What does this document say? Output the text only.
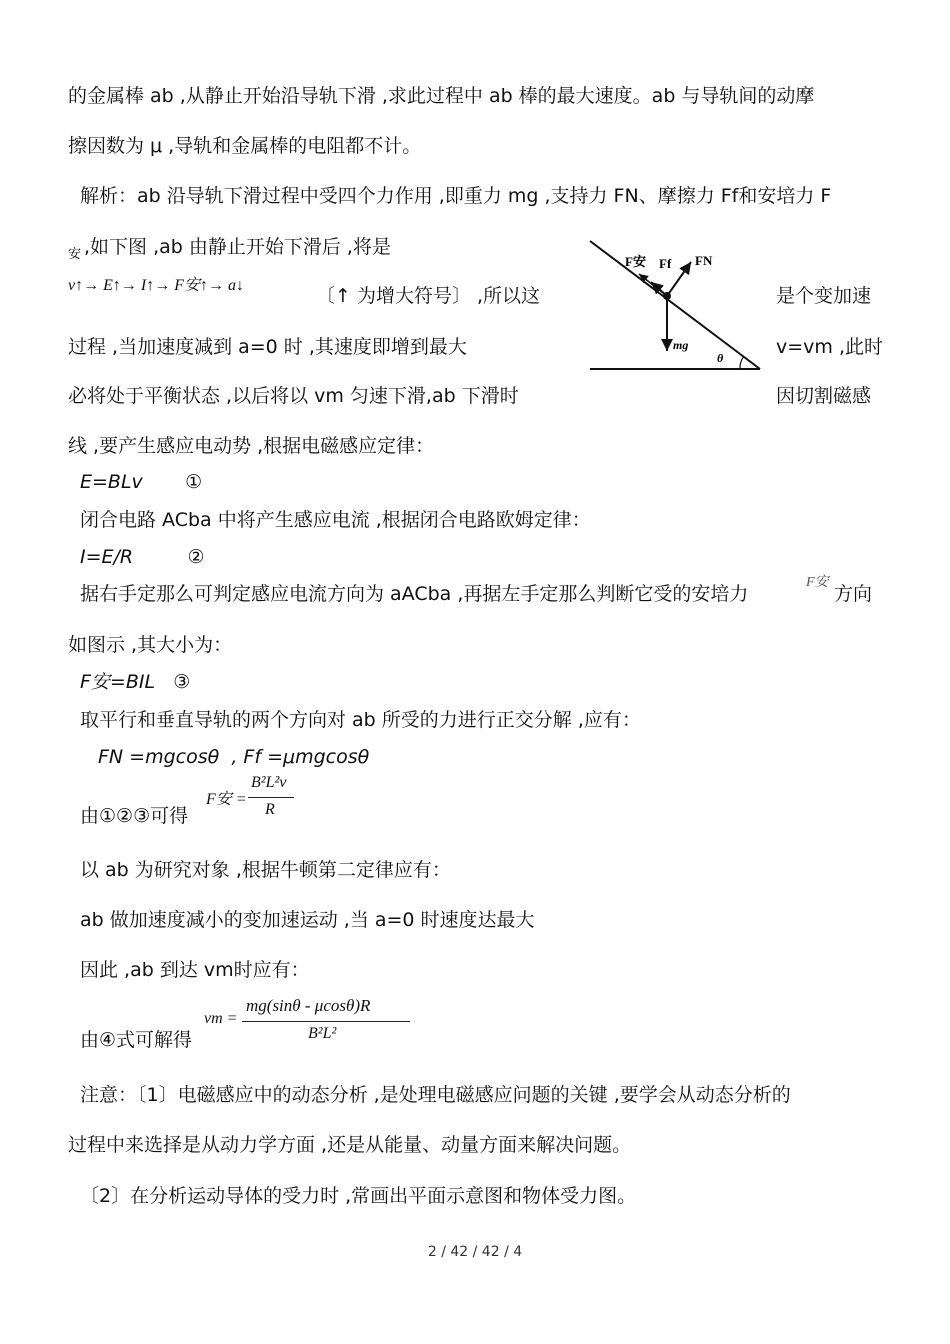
的金属棒 ab ,从静止开始沿导轨下滑 ,求此过程中 ab 棒的最大速度。ab 与导轨间的动摩
擦因数为 μ ,导轨和金属棒的电阻都不计。
解析：ab 沿导轨下滑过程中受四个力作用 ,即重力 mg ,支持力 FN、摩擦力 Ff和安培力 F
安 ,如下图 ,ab 由静止开始下滑后 ,将是
v↑→ E↑→ I↑→ F安↑→ a↓	〔↑ 为增大符号〕 ,所以这	是个变加速
过程 ,当加速度减到 a=0 时 ,其速度即增到最大	v=vm ,此时
必将处于平衡状态 ,以后将以 vm 匀速下滑,ab 下滑时	因切割磁感
线 ,要产生感应电动势 ,根据电磁感应定律：
E=BLv       ①
闭合电路 ACba 中将产生感应电流 ,根据闭合电路欧姆定律：
I=E/R         ②
据右手定那么可判定感应电流方向为 aACba ,再据左手定那么判断它受的安培力
F安
方向
如图示 ,其大小为：
F安=BIL   ③
取平行和垂直导轨的两个方向对 ab 所受的力进行正交分解 ,应有：
FN =mgcosθ  , Ff =μmgcosθ
由①②③可得
F安 =
B²L²v
R
以 ab 为研究对象 ,根据牛顿第二定律应有：
ab 做加速度减小的变加速运动 ,当 a=0 时速度达最大
因此 ,ab 到达 vm时应有：
由④式可解得
vm =
mg(sinθ - μcosθ)R
B²L²
注意：〔1〕电磁感应中的动态分析 ,是处理电磁感应问题的关键 ,要学会从动态分析的
过程中来选择是从动力学方面 ,还是从能量、动量方面来解决问题。
〔2〕在分析运动导体的受力时 ,常画出平面示意图和物体受力图。
F安 Ff FN
mg
θ
2 / 42 / 42 / 4
